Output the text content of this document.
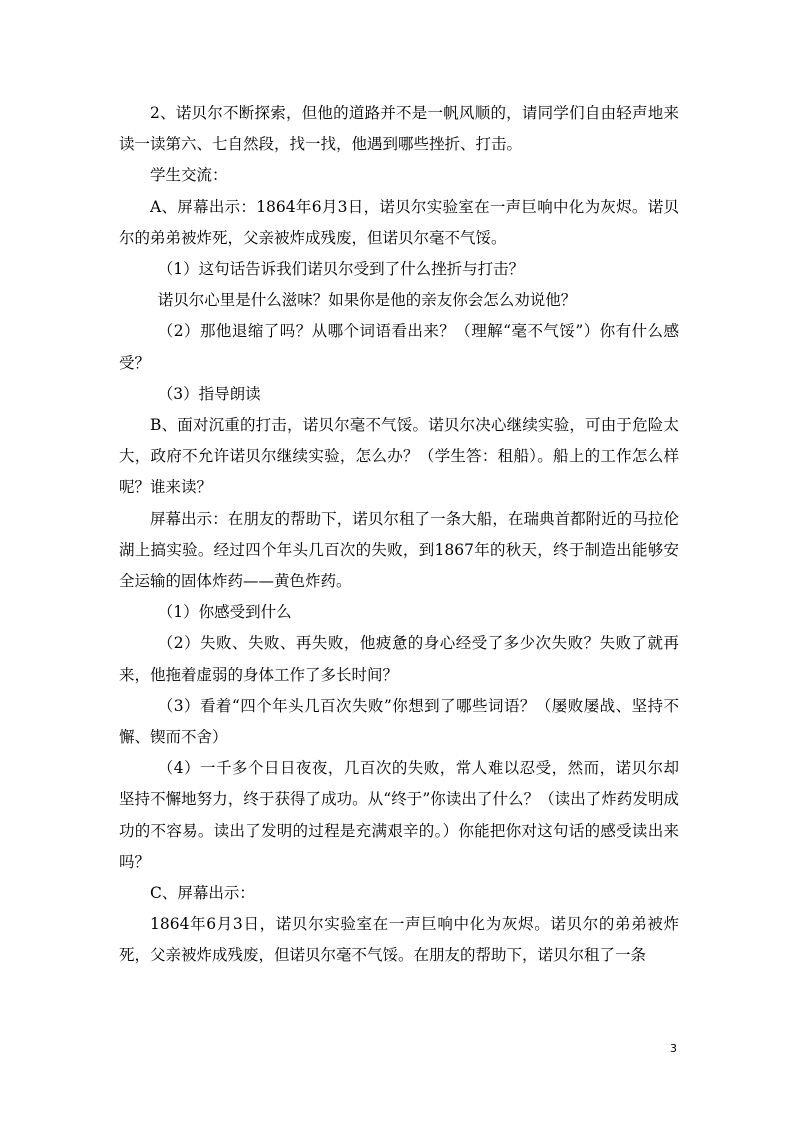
2、诺贝尔不断探索，但他的道路并不是一帆风顺的，请同学们自由轻声地来读一读第六、七自然段，找一找，他遇到哪些挫折、打击。

学生交流：

A、屏幕出示：1864年6月3日，诺贝尔实验室在一声巨响中化为灰烬。诺贝尔的弟弟被炸死，父亲被炸成残废，但诺贝尔毫不气馁。

（1）这句话告诉我们诺贝尔受到了什么挫折与打击？

诺贝尔心里是什么滋味？如果你是他的亲友你会怎么劝说他？

（2）那他退缩了吗？从哪个词语看出来？（理解“毫不气馁”）你有什么感受？

（3）指导朗读

B、面对沉重的打击，诺贝尔毫不气馁。诺贝尔决心继续实验，可由于危险太大，政府不允许诺贝尔继续实验，怎么办？（学生答：租船）。船上的工作怎么样呢？谁来读？

屏幕出示：在朋友的帮助下，诺贝尔租了一条大船，在瑞典首都附近的马拉伦湖上搞实验。经过四个年头几百次的失败，到1867年的秋天，终于制造出能够安全运输的固体炸药——黄色炸药。

（1）你感受到什么

（2）失败、失败、再失败，他疲惫的身心经受了多少次失败？失败了就再来，他拖着虚弱的身体工作了多长时间？

（3）看着“四个年头几百次失败”你想到了哪些词语？（屡败屡战、坚持不懈、锲而不舍）

（4）一千多个日日夜夜，几百次的失败，常人难以忍受，然而，诺贝尔却坚持不懈地努力，终于获得了成功。从“终于”你读出了什么？（读出了炸药发明成功的不容易。读出了发明的过程是充满艰辛的。）你能把你对这句话的感受读出来吗？

C、屏幕出示：

1864年6月3日，诺贝尔实验室在一声巨响中化为灰烬。诺贝尔的弟弟被炸死，父亲被炸成残废，但诺贝尔毫不气馁。在朋友的帮助下，诺贝尔租了一条

3
